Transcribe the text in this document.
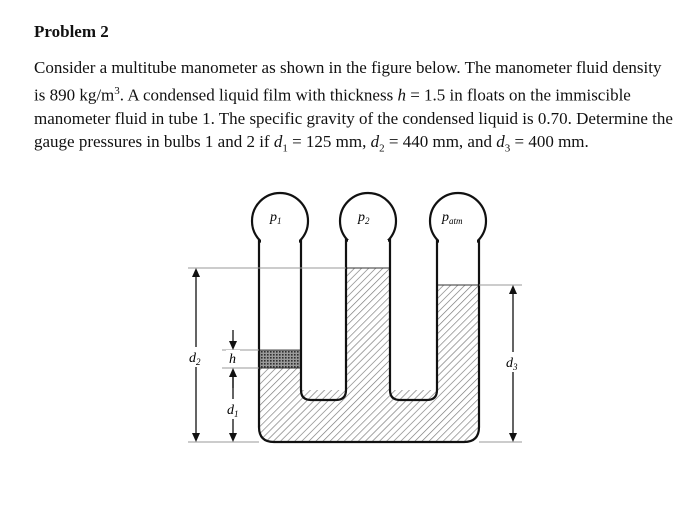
Problem 2
Consider a multitube manometer as shown in the figure below. The manometer fluid density is 890 $kg/m^3$. A condensed liquid film with thickness h = 1.5 in floats on the immiscible manometer fluid in tube 1. The specific gravity of the condensed liquid is 0.70. Determine the gauge pressures in bulbs 1 and 2 if $d_1 = 125$ mm, $d_2 = 440$ mm, and $d_3 = 400$ mm.
$p_1$	$p_2$	$p_{atm}$
$d_2$	$d_3$
h
$d_1$
